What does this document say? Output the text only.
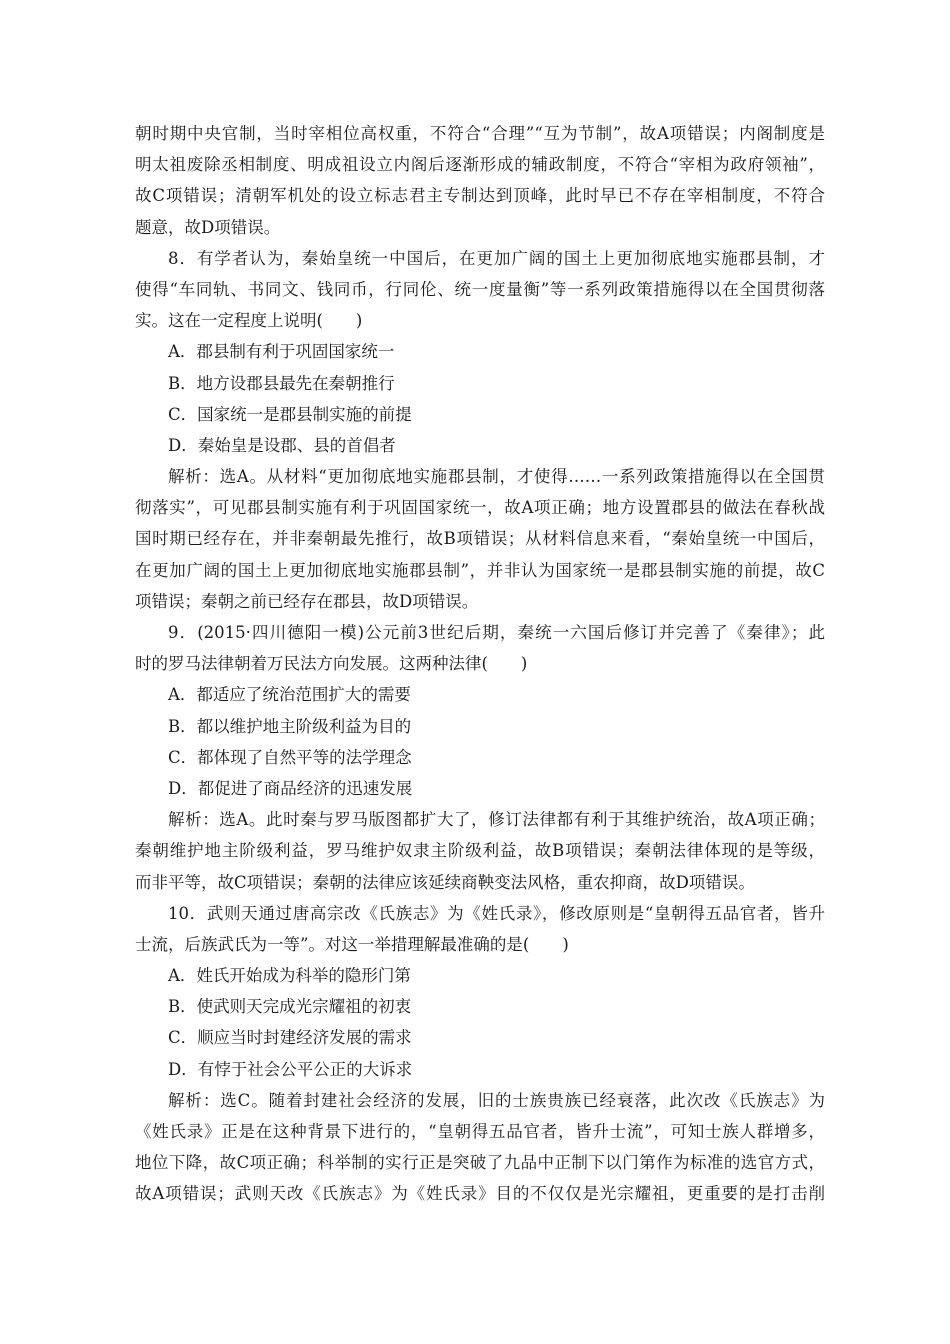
朝时期中央官制，当时宰相位高权重，不符合“合理”“互为节制”，故A项错误；内阁制度是
明太祖废除丞相制度、明成祖设立内阁后逐渐形成的辅政制度，不符合“宰相为政府领袖”，
故C项错误；清朝军机处的设立标志君主专制达到顶峰，此时早已不存在宰相制度，不符合
题意，故D项错误。
8．有学者认为，秦始皇统一中国后，在更加广阔的国土上更加彻底地实施郡县制，才
使得“车同轨、书同文、钱同币，行同伦、统一度量衡”等一系列政策措施得以在全国贯彻落
实。这在一定程度上说明(　　)
A．郡县制有利于巩固国家统一
B．地方设郡县最先在秦朝推行
C．国家统一是郡县制实施的前提
D．秦始皇是设郡、县的首倡者
解析：选A。从材料“更加彻底地实施郡县制，才使得……一系列政策措施得以在全国贯
彻落实”，可见郡县制实施有利于巩固国家统一，故A项正确；地方设置郡县的做法在春秋战
国时期已经存在，并非秦朝最先推行，故B项错误；从材料信息来看，“秦始皇统一中国后，
在更加广阔的国土上更加彻底地实施郡县制”，并非认为国家统一是郡县制实施的前提，故C
项错误；秦朝之前已经存在郡县，故D项错误。
9．(2015·四川德阳一模)公元前3世纪后期，秦统一六国后修订并完善了《秦律》；此
时的罗马法律朝着万民法方向发展。这两种法律(　　)
A．都适应了统治范围扩大的需要
B．都以维护地主阶级利益为目的
C．都体现了自然平等的法学理念
D．都促进了商品经济的迅速发展
解析：选A。此时秦与罗马版图都扩大了，修订法律都有利于其维护统治，故A项正确；
秦朝维护地主阶级利益，罗马维护奴隶主阶级利益，故B项错误；秦朝法律体现的是等级，
而非平等，故C项错误；秦朝的法律应该延续商鞅变法风格，重农抑商，故D项错误。
10．武则天通过唐高宗改《氏族志》为《姓氏录》，修改原则是“皇朝得五品官者，皆升
士流，后族武氏为一等”。对这一举措理解最准确的是(　　)
A．姓氏开始成为科举的隐形门第
B．使武则天完成光宗耀祖的初衷
C．顺应当时封建经济发展的需求
D．有悖于社会公平公正的大诉求
解析：选C。随着封建社会经济的发展，旧的士族贵族已经衰落，此次改《氏族志》为
《姓氏录》正是在这种背景下进行的，“皇朝得五品官者，皆升士流”，可知士族人群增多，
地位下降，故C项正确；科举制的实行正是突破了九品中正制下以门第作为标准的选官方式，
故A项错误；武则天改《氏族志》为《姓氏录》目的不仅仅是光宗耀祖，更重要的是打击削
